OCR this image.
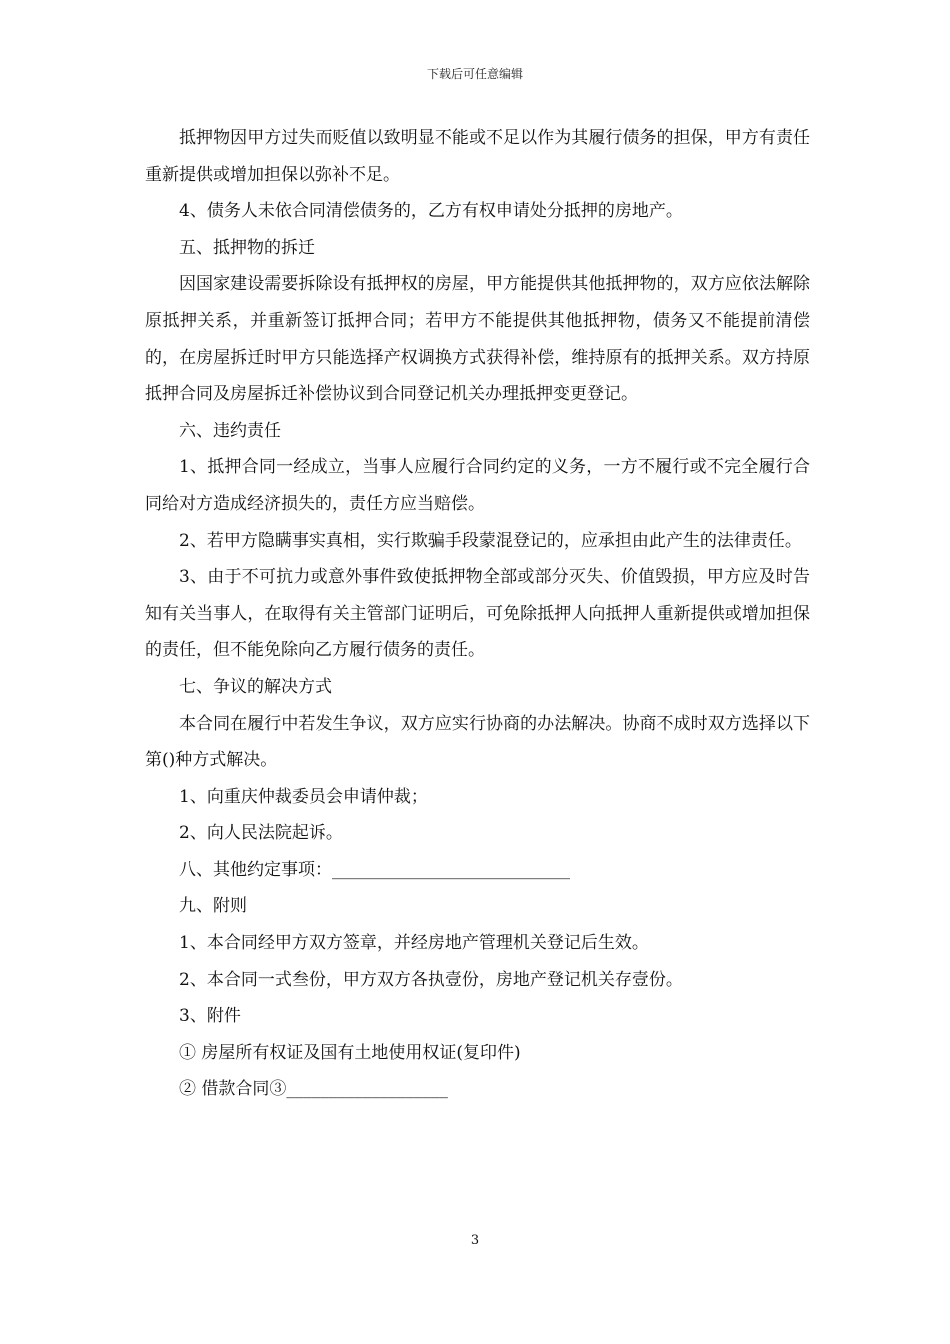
下载后可任意编辑

抵押物因甲方过失而贬值以致明显不能或不足以作为其履行债务的担保，甲方有责任重新提供或增加担保以弥补不足。

4、债务人未依合同清偿债务的，乙方有权申请处分抵押的房地产。

五、抵押物的拆迁

因国家建设需要拆除设有抵押权的房屋，甲方能提供其他抵押物的，双方应依法解除原抵押关系，并重新签订抵押合同；若甲方不能提供其他抵押物，债务又不能提前清偿的，在房屋拆迁时甲方只能选择产权调换方式获得补偿，维持原有的抵押关系。双方持原抵押合同及房屋拆迁补偿协议到合同登记机关办理抵押变更登记。

六、违约责任

1、抵押合同一经成立，当事人应履行合同约定的义务，一方不履行或不完全履行合同给对方造成经济损失的，责任方应当赔偿。

2、若甲方隐瞒事实真相，实行欺骗手段蒙混登记的，应承担由此产生的法律责任。

3、由于不可抗力或意外事件致使抵押物全部或部分灭失、价值毁损，甲方应及时告知有关当事人，在取得有关主管部门证明后，可免除抵押人向抵押人重新提供或增加担保的责任，但不能免除向乙方履行债务的责任。

七、争议的解决方式

本合同在履行中若发生争议，双方应实行协商的办法解决。协商不成时双方选择以下第()种方式解决。

1、向重庆仲裁委员会申请仲裁；

2、向人民法院起诉。

八、其他约定事项：____________________________

九、附则

1、本合同经甲方双方签章，并经房地产管理机关登记后生效。

2、本合同一式叁份，甲方双方各执壹份，房地产登记机关存壹份。

3、附件

① 房屋所有权证及国有土地使用权证(复印件)

② 借款合同③___________________

3
